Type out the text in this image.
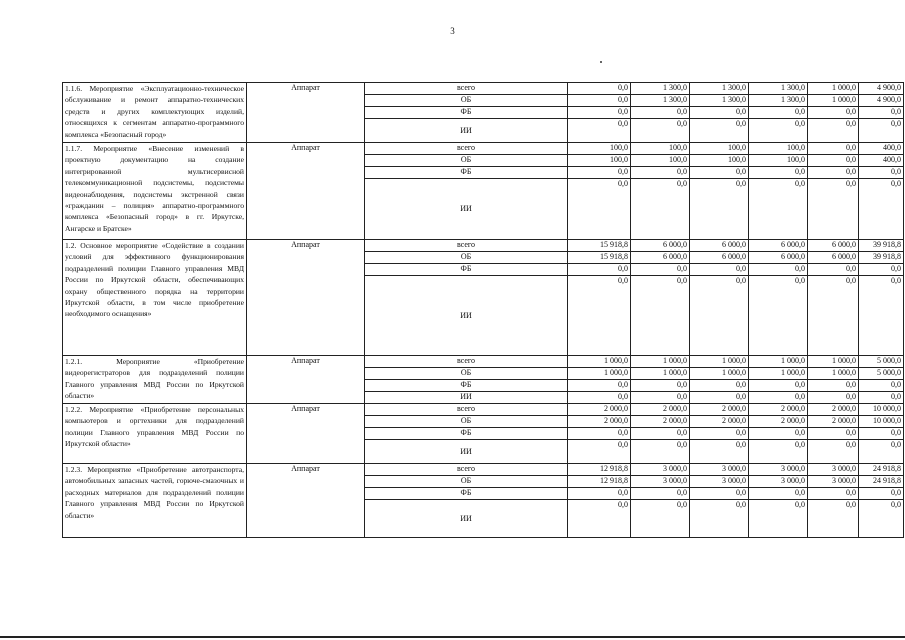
3
1.1.6. Мероприятие «Эксплуатационно-техническое обслуживание и ремонт аппаратно-технических средств и других комплектующих изделий, относящихся к сегментам аппаратно-программного комплекса «Безопасный город»	Аппарат	всего	0,0	1 300,0	1 300,0	1 300,0	1 000,0	4 900,0
		ОБ	0,0	1 300,0	1 300,0	1 300,0	1 000,0	4 900,0
		ФБ	0,0	0,0	0,0	0,0	0,0	0,0
		ИИ	0,0	0,0	0,0	0,0	0,0	0,0
1.1.7. Мероприятие «Внесение изменений в проектную документацию на создание интегрированной мультисервисной телекоммуникационной подсистемы, подсистемы видеонаблюдения, подсистемы экстренной связи «гражданин – полиция» аппаратно-программного комплекса «Безопасный город» в гг. Иркутске, Ангарске и Братске»	Аппарат	всего	100,0	100,0	100,0	100,0	0,0	400,0
		ОБ	100,0	100,0	100,0	100,0	0,0	400,0
		ФБ	0,0	0,0	0,0	0,0	0,0	0,0
		ИИ	0,0	0,0	0,0	0,0	0,0	0,0
1.2. Основное мероприятие «Содействие в создании условий для эффективного функционирования подразделений полиции Главного управления МВД России по Иркутской области, обеспечивающих охрану общественного порядка на территории Иркутской области, в том числе приобретение необходимого оснащения»	Аппарат	всего	15 918,8	6 000,0	6 000,0	6 000,0	6 000,0	39 918,8
		ОБ	15 918,8	6 000,0	6 000,0	6 000,0	6 000,0	39 918,8
		ФБ	0,0	0,0	0,0	0,0	0,0	0,0
		ИИ	0,0	0,0	0,0	0,0	0,0	0,0
1.2.1. Мероприятие «Приобретение видеорегистраторов для подразделений полиции Главного управления МВД России по Иркутской области»	Аппарат	всего	1 000,0	1 000,0	1 000,0	1 000,0	1 000,0	5 000,0
		ОБ	1 000,0	1 000,0	1 000,0	1 000,0	1 000,0	5 000,0
		ФБ	0,0	0,0	0,0	0,0	0,0	0,0
		ИИ	0,0	0,0	0,0	0,0	0,0	0,0
1.2.2. Мероприятие «Приобретение персональных компьютеров и оргтехники для подразделений полиции Главного управления МВД России по Иркутской области»	Аппарат	всего	2 000,0	2 000,0	2 000,0	2 000,0	2 000,0	10 000,0
		ОБ	2 000,0	2 000,0	2 000,0	2 000,0	2 000,0	10 000,0
		ФБ	0,0	0,0	0,0	0,0	0,0	0,0
		ИИ	0,0	0,0	0,0	0,0	0,0	0,0
1.2.3. Мероприятие «Приобретение автотранспорта, автомобильных запасных частей, горюче-смазочных и расходных материалов для подразделений полиции Главного управления МВД России по Иркутской области»	Аппарат	всего	12 918,8	3 000,0	3 000,0	3 000,0	3 000,0	24 918,8
		ОБ	12 918,8	3 000,0	3 000,0	3 000,0	3 000,0	24 918,8
		ФБ	0,0	0,0	0,0	0,0	0,0	0,0
		ИИ	0,0	0,0	0,0	0,0	0,0	0,0
